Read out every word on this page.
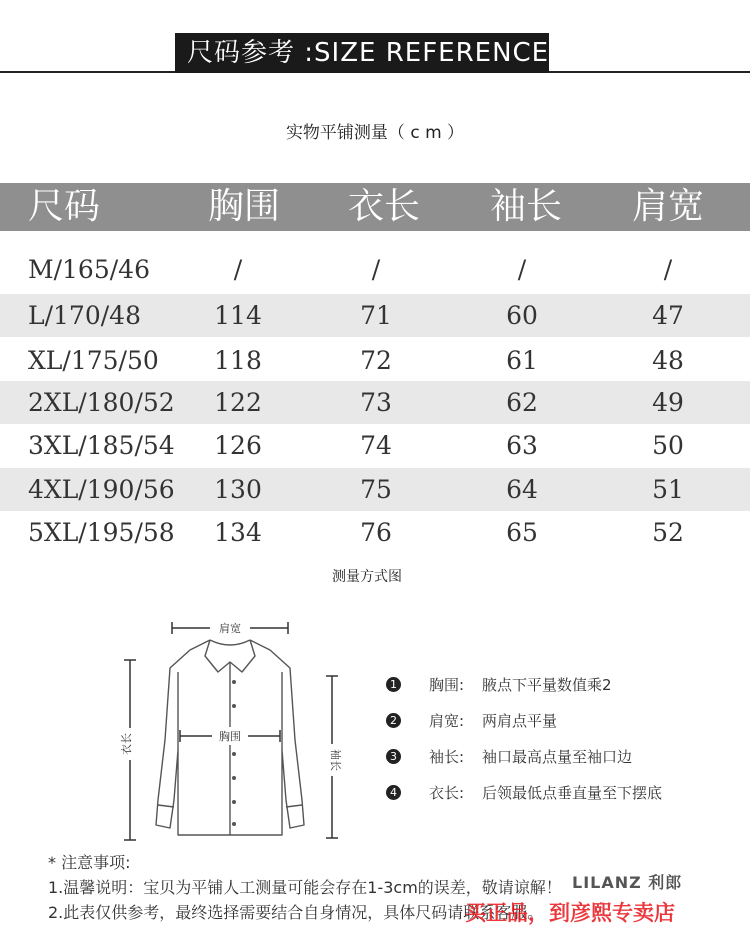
尺码参考 :SIZE REFERENCE
实物平铺测量（ c m ）
尺码	胸围 衣长 袖长 肩宽
M/165/46	/	/	/	/
L/170/48	114	71	60	47
XL/175/50 118	72	61	48
2XL/180/52 122	73	62	49
3XL/185/54 126	74	63	50
4XL/190/56 130	75	64	51
5XL/195/58 134	76	65	52
测量方式图
肩宽
衣长
袖长
胸围
1 胸围: 腋点下平量数值乘2
2 肩宽: 两肩点平量
3 袖长: 袖口最高点量至袖口边
4 衣长: 后领最低点垂直量至下摆底
* 注意事项:
1.温馨说明：宝贝为平铺人工测量可能会存在1-3cm的误差，敬请谅解！
2.此表仅供参考，最终选择需要结合自身情况，具体尺码请联系客服。
LILANZ 利郎
买正品，到彦熙专卖店
